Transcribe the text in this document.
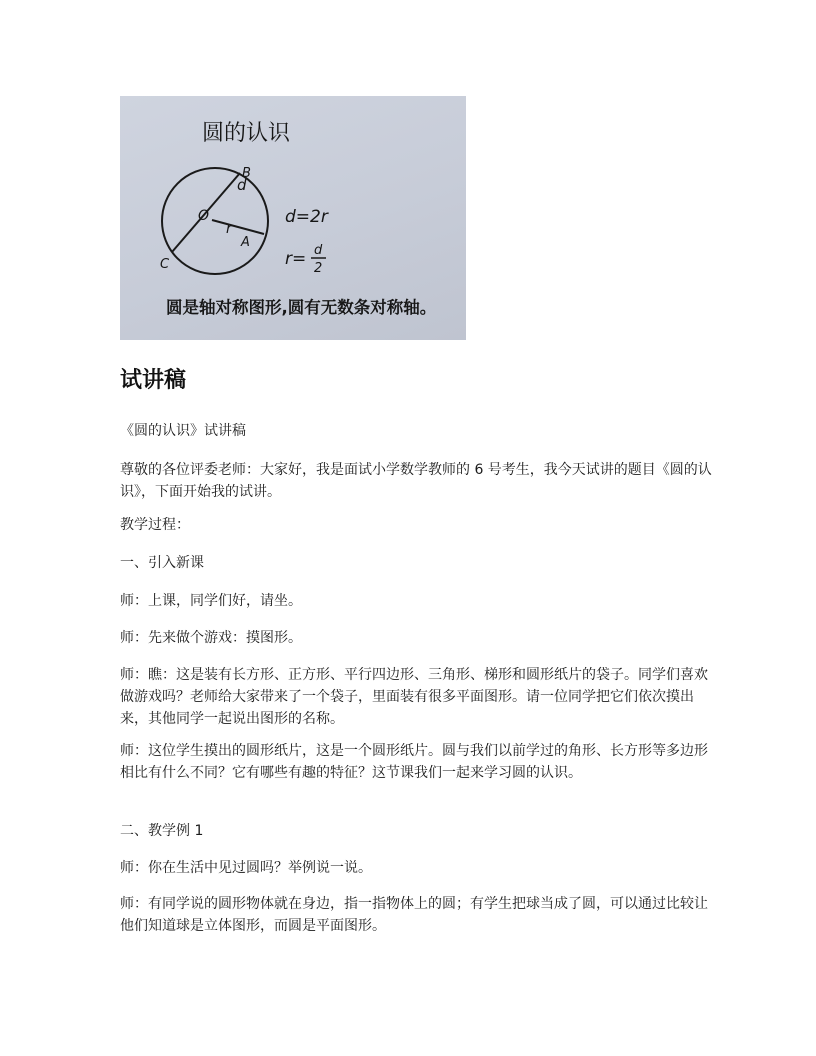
圆的认识
d
O
B
r
A
C
d=2r
r= d
2
圆是轴对称图形,圆有无数条对称轴。
试讲稿

《圆的认识》试讲稿

尊敬的各位评委老师：大家好，我是面试小学数学教师的 6 号考生，我今天试讲的题目《圆的认识》，下面开始我的试讲。

教学过程：

一、引入新课

师：上课，同学们好，请坐。

师：先来做个游戏：摸图形。

师：瞧：这是装有长方形、正方形、平行四边形、三角形、梯形和圆形纸片的袋子。同学们喜欢做游戏吗？老师给大家带来了一个袋子，里面装有很多平面图形。请一位同学把它们依次摸出来，其他同学一起说出图形的名称。

师：这位学生摸出的圆形纸片，这是一个圆形纸片。圆与我们以前学过的角形、长方形等多边形相比有什么不同？它有哪些有趣的特征？这节课我们一起来学习圆的认识。

二、教学例 1

师：你在生活中见过圆吗？举例说一说。

师：有同学说的圆形物体就在身边，指一指物体上的圆；有学生把球当成了圆，可以通过比较让他们知道球是立体图形，而圆是平面图形。
